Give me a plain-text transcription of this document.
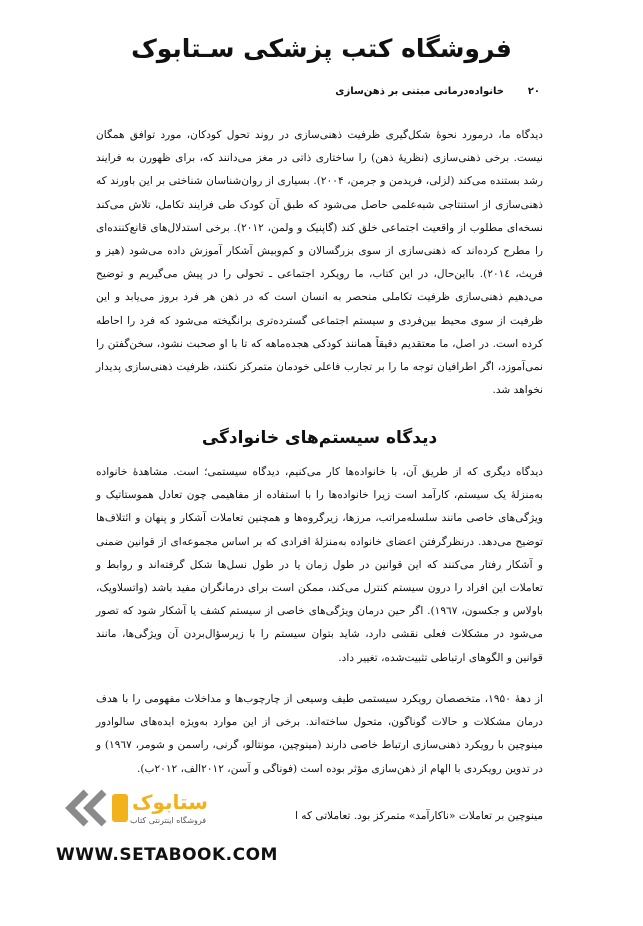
فروشگاه کتب پزشکی سـتابوک
۲۰
خانواده‌درمانی مبتنی بر ذهن‌سازی
دیدگاه ما، درمورد نحوهٔ شکل‌گیری ظرفیت ذهنی‌سازی در روند تحول کودکان، مورد توافق همگان نیست. برخی ذهنی‌سازی (نظریهٔ ذهن) را ساختاری ذاتی در مغز می‌دانند که، برای ظهورن به فرایند رشد بستنده می‌کند (لزلی، فریدمن و جرمن، ۲۰۰۴). بسیاری از روان‌شناسان شناختی بر این باورند که ذهنی‌سازی از استنتاجی شبه‌علمی حاصل می‌شود که طبق آن کودک طی فرایند تکامل، تلاش می‌کند نسخه‌ای مطلوب از واقعیت اجتماعی خلق کند (گاپنیک و ولمن، ۲۰۱۲). برخی استدلال‌های قانع‌کننده‌ای را مطرح کرده‌اند که ذهنی‌سازی از سوی بزرگسالان و کم‌وبیش آشکار آموزش داده می‌شود (هیز و فریث، ۲۰۱٤). بااین‌حال، در این کتاب، ما رویکرد اجتماعی ـ تحولی را در پیش می‌گیریم و توضیح می‌دهیم ذهنی‌سازی ظرفیت تکاملی منحصر به انسان است که در ذهن هر فرد بروز می‌یابد و این ظرفیت از سوی محیط بین‌فردی و سیستم اجتماعی گسترده‌تری برانگیخته می‌شود که فرد را احاطه کرده است. در اصل، ما معتقدیم دقیقاً همانند کودکی هجده‌ماهه که تا با او صحبت نشود، سخن‌گفتن را نمی‌آموزد، اگر اطرافیان توجه ما را بر تجارب فاعلی خودمان متمرکز نکنند، ظرفیت ذهنی‌سازی پدیدار نخواهد شد.
دیدگاه سیستم‌های خانوادگی
دیدگاه دیگری که از طریق آن، با خانواده‌ها کار می‌کنیم، دیدگاه سیستمی؛ است. مشاهدهٔ خانواده به‌منزلهٔ یک سیستم، کارآمد است زیرا خانواده‌ها را با استفاده از مفاهیمی چون تعادل هموستاتیک و ویژگی‌های خاصی مانند سلسله‌مراتب، مرزها، زیرگروه‌ها و همچنین تعاملات آشکار و پنهان و ائتلاف‌ها توضیح می‌دهد. درنظرگرفتن اعضای خانواده به‌منزلهٔ افرادی که بر اساس مجموعه‌ای از قوانین ضمنی و آشکار رفتار می‌کنند که این قوانین در طول زمان یا در طول نسل‌ها شکل گرفته‌اند و روابط و تعاملات این افراد را درون سیستم کنترل می‌کند، ممکن است برای درمانگران مفید باشد (واتسلاویک، باولاس و جکسون، ۱۹٦۷). اگر حین درمان ویژگی‌های خاصی از سیستم کشف یا آشکار شود که تصور می‌شود در مشکلات فعلی نقشی دارد، شاید بتوان سیستم را با زیرسؤال‌بردن آن ویژگی‌ها، مانند قوانین و الگوهای ارتباطی تثبیت‌شده، تغییر داد.
از دههٔ ۱۹۵۰، متخصصان رویکرد سیستمی طیف وسیعی از چارچوب‌ها و مداخلات مفهومی را با هدف درمان مشکلات و حالات گوناگون، متحول ساخته‌اند. برخی از این موارد به‌ویژه ایده‌های سالوادور مینوچین با رویکرد ذهنی‌سازی ارتباط خاصی دارند (مینوچین، مونتالو، گرنی، راسمن و شومر، ۱۹٦۷) و در تدوین رویکردی با الهام از ذهن‌سازی مؤثر بوده است (فوناگی و آسن، ۲۰۱۲الف، ۲۰۱۲ب).
مینوچین بر تعاملات «ناکارآمد» متمرکز بود. تعاملاتی که ا
ستابوک
فروشگاه اینترنتی کتاب
WWW.SETABOOK.COM
